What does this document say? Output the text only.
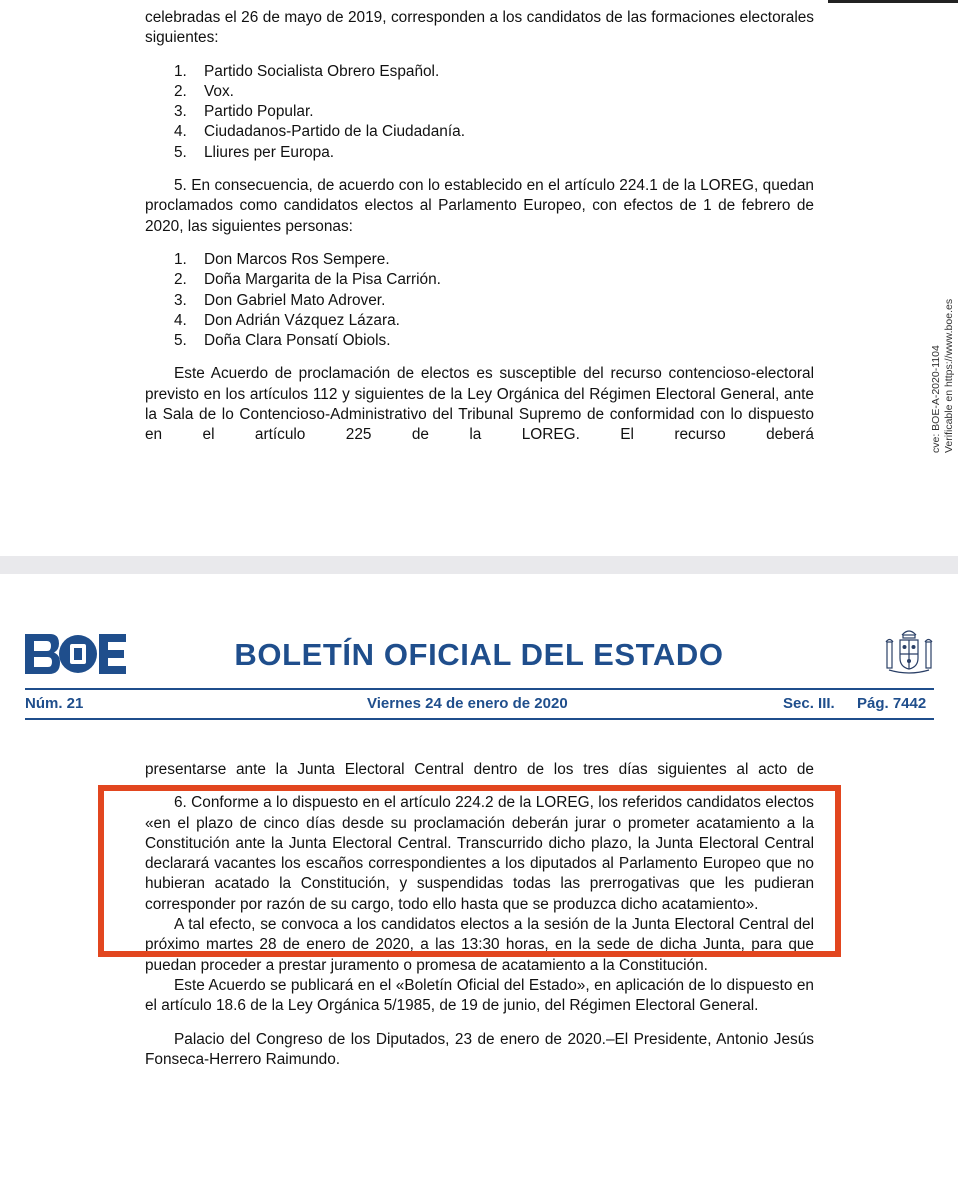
celebradas el 26 de mayo de 2019, corresponden a los candidatos de las formaciones electorales siguientes:

1. Partido Socialista Obrero Español.
2. Vox.
3. Partido Popular.
4. Ciudadanos-Partido de la Ciudadanía.
5. Lliures per Europa.

5. En consecuencia, de acuerdo con lo establecido en el artículo 224.1 de la LOREG, quedan proclamados como candidatos electos al Parlamento Europeo, con efectos de 1 de febrero de 2020, las siguientes personas:

1. Don Marcos Ros Sempere.
2. Doña Margarita de la Pisa Carrión.
3. Don Gabriel Mato Adrover.
4. Don Adrián Vázquez Lázara.
5. Doña Clara Ponsatí Obiols.

Este Acuerdo de proclamación de electos es susceptible del recurso contencioso-electoral previsto en los artículos 112 y siguientes de la Ley Orgánica del Régimen Electoral General, ante la Sala de lo Contencioso-Administrativo del Tribunal Supremo de conformidad con lo dispuesto en el artículo 225 de la LOREG. El recurso deberá	cve: BOE-A-2020-1104 Verificable en https://www.boe.es
BOLETÍN OFICIAL DEL ESTADO
Núm. 21	Viernes 24 de enero de 2020	Sec. III. Pág. 7442

presentarse ante la Junta Electoral Central dentro de los tres días siguientes al acto de

6. Conforme a lo dispuesto en el artículo 224.2 de la LOREG, los referidos candidatos electos «en el plazo de cinco días desde su proclamación deberán jurar o prometer acatamiento a la Constitución ante la Junta Electoral Central. Transcurrido dicho plazo, la Junta Electoral Central declarará vacantes los escaños correspondientes a los diputados al Parlamento Europeo que no hubieran acatado la Constitución, y suspendidas todas las prerrogativas que les pudieran corresponder por razón de su cargo, todo ello hasta que se produzca dicho acatamiento».

A tal efecto, se convoca a los candidatos electos a la sesión de la Junta Electoral Central del próximo martes 28 de enero de 2020, a las 13:30 horas, en la sede de dicha Junta, para que puedan proceder a prestar juramento o promesa de acatamiento a la Constitución.

Este Acuerdo se publicará en el «Boletín Oficial del Estado», en aplicación de lo dispuesto en el artículo 18.6 de la Ley Orgánica 5/1985, de 19 de junio, del Régimen Electoral General.

Palacio del Congreso de los Diputados, 23 de enero de 2020.–El Presidente, Antonio Jesús Fonseca-Herrero Raimundo.
